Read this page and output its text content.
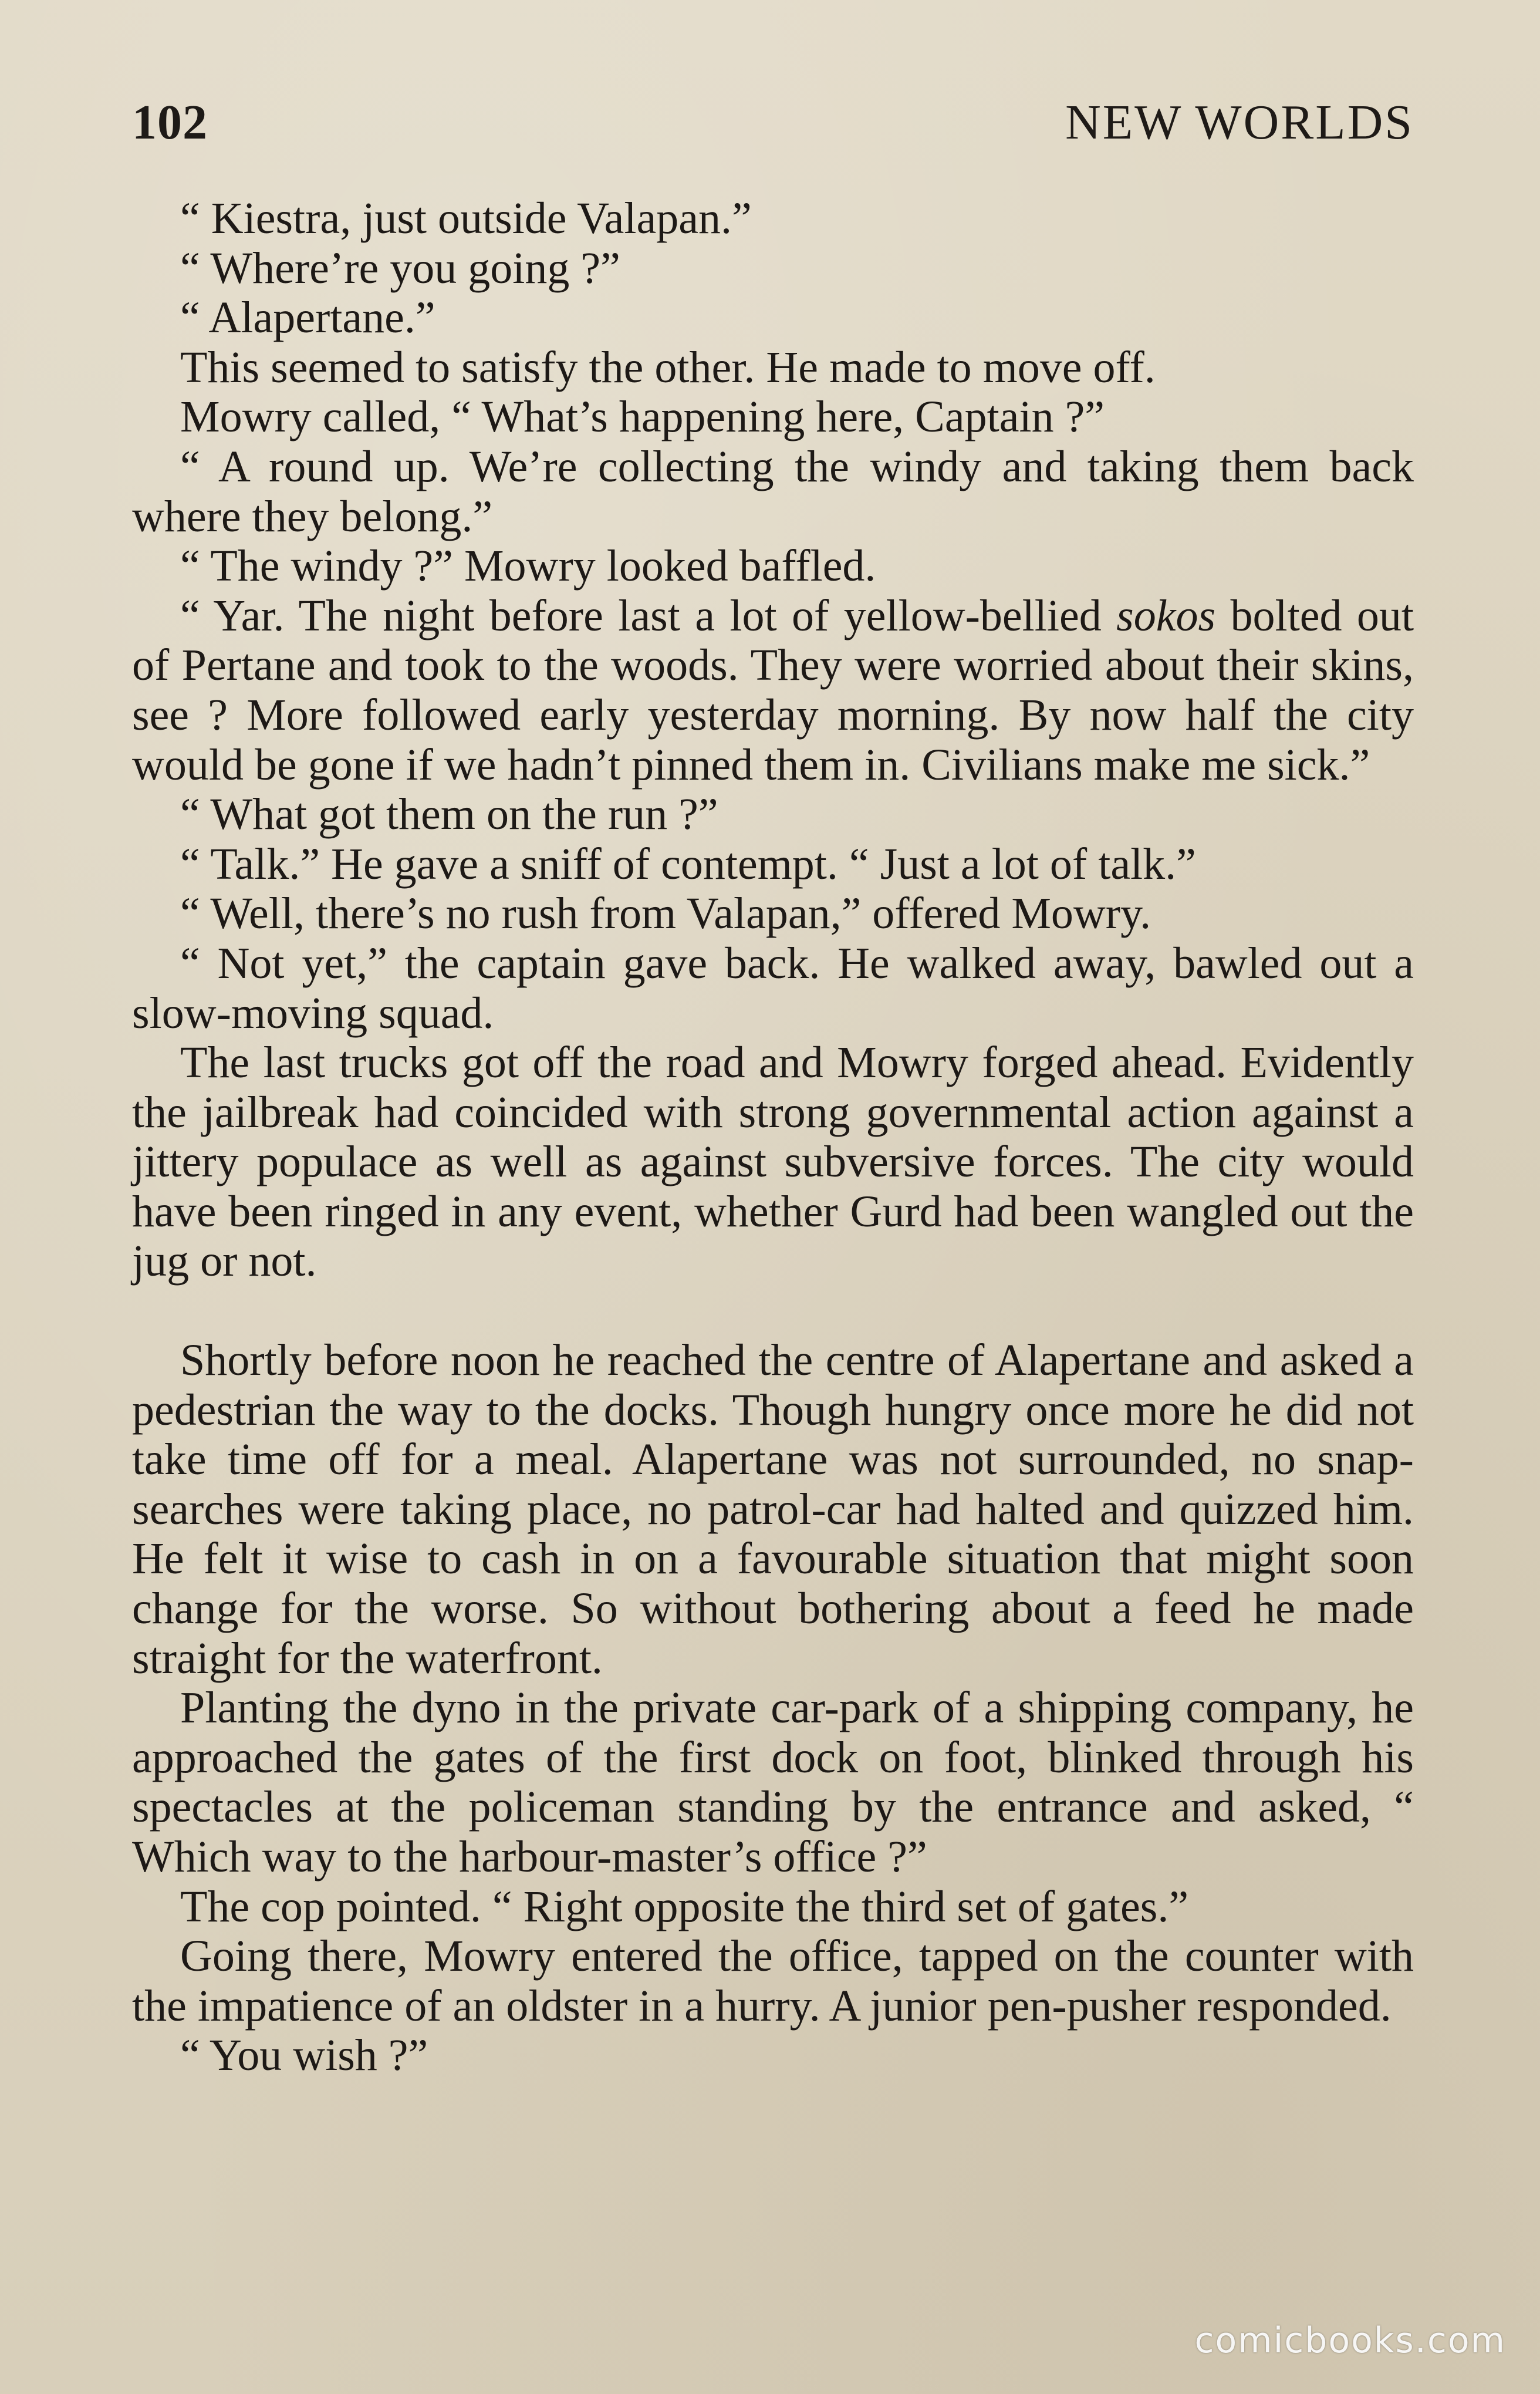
102	NEW WORLDS

“ Kiestra, just outside Valapan.”

“ Where’re you going ?”

“ Alapertane.”

This seemed to satisfy the other. He made to move off.

Mowry called, “ What’s happening here, Captain ?”

“ A round up. We’re collecting the windy and taking them back where they belong.”

“ The windy ?” Mowry looked baffled.

“ Yar. The night before last a lot of yellow-bellied sokos bolted out of Pertane and took to the woods. They were worried about their skins, see ? More followed early yesterday morning. By now half the city would be gone if we hadn’t pinned them in. Civilians make me sick.”

“ What got them on the run ?”

“ Talk.” He gave a sniff of contempt. “ Just a lot of talk.”

“ Well, there’s no rush from Valapan,” offered Mowry.

“ Not yet,” the captain gave back. He walked away, bawled out a slow-moving squad.

The last trucks got off the road and Mowry forged ahead. Evidently the jailbreak had coincided with strong governmental action against a jittery populace as well as against subversive forces. The city would have been ringed in any event, whether Gurd had been wangled out the jug or not.

Shortly before noon he reached the centre of Alapertane and asked a pedestrian the way to the docks. Though hungry once more he did not take time off for a meal. Alapertane was not surrounded, no snap-searches were taking place, no patrol-car had halted and quizzed him. He felt it wise to cash in on a favourable situation that might soon change for the worse. So without bothering about a feed he made straight for the waterfront.

Planting the dyno in the private car-park of a shipping company, he approached the gates of the first dock on foot, blinked through his spectacles at the policeman standing by the entrance and asked, “ Which way to the harbour-master’s office ?”

The cop pointed. “ Right opposite the third set of gates.”

Going there, Mowry entered the office, tapped on the counter with the impatience of an oldster in a hurry. A junior pen-pusher responded.

“ You wish ?”

comicbooks.com
